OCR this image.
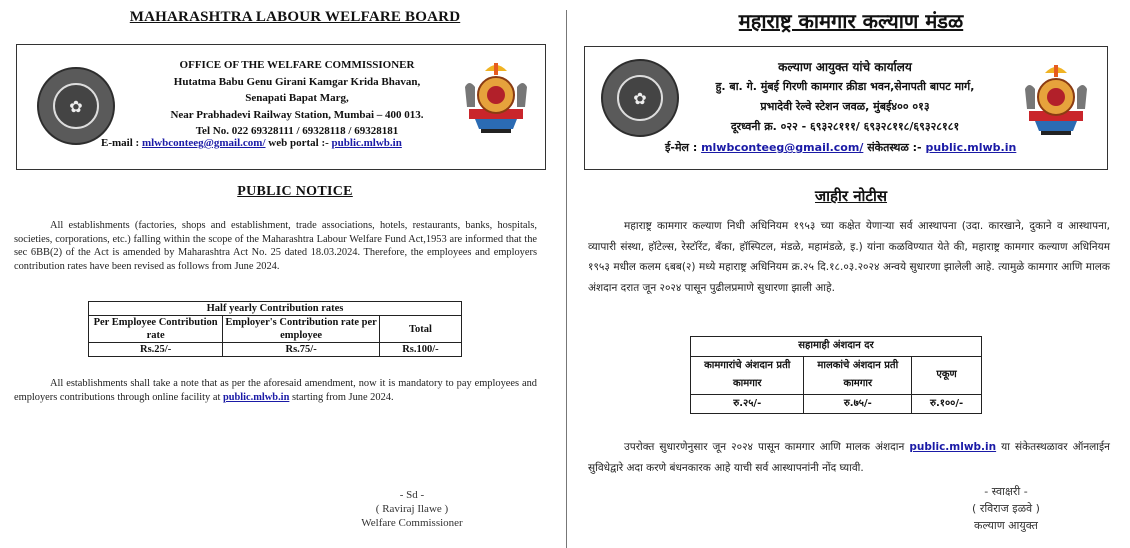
MAHARASHTRA LABOUR WELFARE BOARD
✿
OFFICE OF THE WELFARE COMMISSIONER
Hutatma Babu Genu Girani Kamgar Krida Bhavan,
Senapati Bapat Marg,
Near Prabhadevi Railway Station, Mumbai – 400 013.
Tel No. 022 69328111 / 69328118 / 69328181
E-mail : mlwbconteeg@gmail.com/ web portal :- public.mlwb.in
PUBLIC NOTICE
All establishments (factories, shops and establishment, trade associations, hotels, restaurants, banks, hospitals, societies, corporations, etc.) falling within the scope of the Maharashtra Labour Welfare Fund Act,1953 are informed that the sec 6BB(2) of the Act is amended by Maharashtra Act No. 25 dated 18.03.2024. Therefore, the employees and employers contribution rates have been revised as follows from June 2024.
Half yearly Contribution rates		
Per Employee Contribution rate	Employer's Contribution rate per employee	Total
Rs.25/-	Rs.75/-	Rs.100/-
All establishments shall take a note that as per the aforesaid amendment, now it is mandatory to pay employees and employers contributions through online facility at public.mlwb.in starting from June 2024.
- Sd -
( Raviraj Ilawe )
Welfare Commissioner
महाराष्ट्र कामगार कल्याण मंडळ
✿
कल्याण आयुक्त यांचे कार्यालय
हु. बा. गे. मुंबई गिरणी कामगार क्रीडा भवन,सेनापती बापट मार्ग,
प्रभादेवी रेल्वे स्टेशन जवळ, मुंबई४०० ०१३
दूरध्वनी क्र. ०२२ - ६९३२८१११/ ६९३२८११८/६९३२८१८१
ई-मेल : mlwbconteeg@gmail.com/ संकेतस्थळ :- public.mlwb.in
जाहीर नोटीस
महाराष्ट्र कामगार कल्याण निधी अधिनियम १९५३ च्या कक्षेत येणाऱ्या सर्व आस्थापना (उदा. कारखाने, दुकाने व आस्थापना, व्यापारी संस्था, हॉटेल्स, रेस्टॉरेंट, बँका, हॉस्पिटल, मंडळे, महामंडळे, इ.) यांना कळविण्यात येते की, महाराष्ट्र कामगार कल्याण अधिनियम १९५३ मधील कलम ६बब(२) मध्ये महाराष्ट्र अधिनियम क्र.२५ दि.१८.०३.२०२४ अन्वये सुधारणा झालेली आहे. त्यामुळे कामगार आणि मालक अंशदान दरात जून २०२४ पासून पुढीलप्रमाणे सुधारणा झाली आहे.
सहामाही अंशदान दर		
कामगारांचे अंशदान प्रती कामगार	मालकांचे अंशदान प्रती कामगार	एकूण
रु.२५/-	रु.७५/-	रु.१००/-
उपरोक्त सुधारणेनुसार जून २०२४ पासून कामगार आणि मालक अंशदान public.mlwb.in या संकेतस्थळावर ऑनलाईन सुविधेद्वारे अदा करणे बंधनकारक आहे याची सर्व आस्थापनांनी नोंद घ्यावी.
- स्वाक्षरी -
( रविराज इळवे )
कल्याण आयुक्त
